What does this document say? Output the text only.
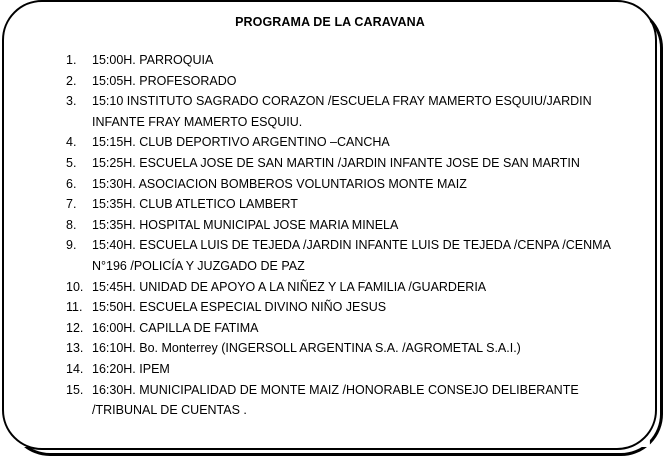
PROGRAMA DE LA CARAVANA
1.	15:00H. PARROQUIA
2.	15:05H. PROFESORADO
3.	15:10 INSTITUTO SAGRADO CORAZON /ESCUELA FRAY MAMERTO ESQUIU/JARDIN INFANTE FRAY MAMERTO ESQUIU.
4.	15:15H. CLUB DEPORTIVO ARGENTINO –CANCHA
5.	15:25H. ESCUELA JOSE DE SAN MARTIN /JARDIN INFANTE JOSE DE SAN MARTIN
6.	15:30H. ASOCIACION BOMBEROS VOLUNTARIOS MONTE MAIZ
7.	15:35H. CLUB ATLETICO LAMBERT
8.	15:35H. HOSPITAL MUNICIPAL JOSE MARIA MINELA
9.	15:40H. ESCUELA LUIS DE TEJEDA /JARDIN INFANTE LUIS DE TEJEDA /CENPA /CENMA N°196 /POLICÍA Y JUZGADO DE PAZ
10. 15:45H. UNIDAD DE APOYO A LA NIÑEZ Y LA FAMILIA /GUARDERIA
11. 15:50H. ESCUELA ESPECIAL DIVINO NIÑO JESUS
12. 16:00H. CAPILLA DE FATIMA
13. 16:10H. Bo. Monterrey (INGERSOLL ARGENTINA S.A. /AGROMETAL S.A.I.)
14. 16:20H. IPEM
15. 16:30H. MUNICIPALIDAD DE MONTE MAIZ /HONORABLE CONSEJO DELIBERANTE /TRIBUNAL DE CUENTAS .
